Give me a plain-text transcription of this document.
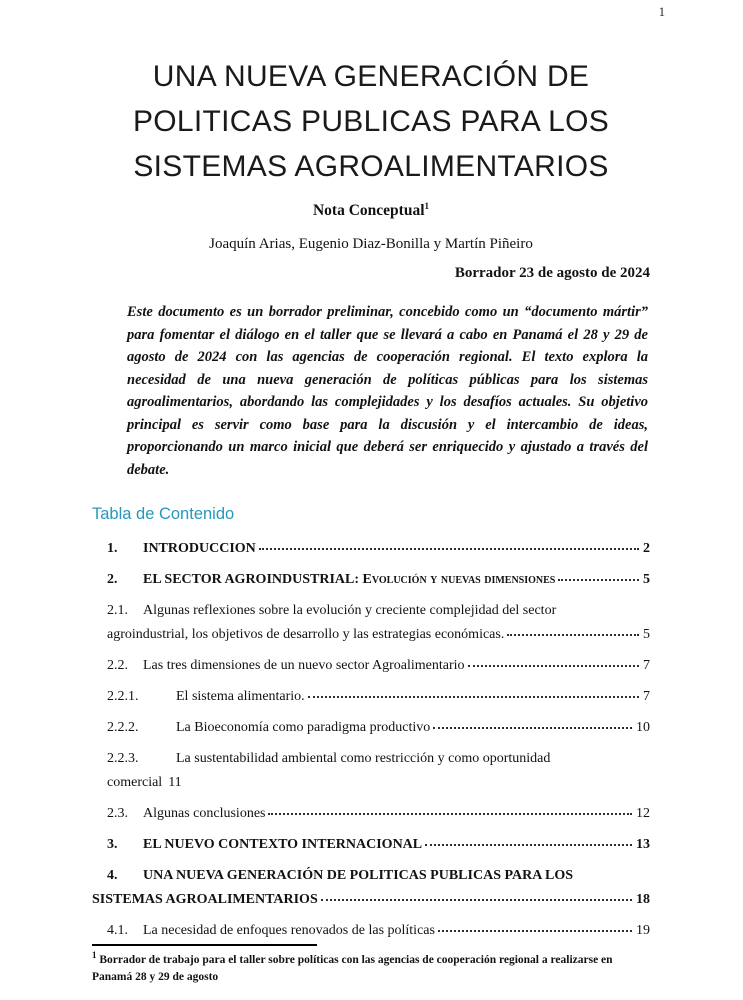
1
UNA NUEVA GENERACIÓN DE
POLITICAS PUBLICAS PARA LOS
SISTEMAS AGROALIMENTARIOS
Nota Conceptual$^1$
Joaquín Arias, Eugenio Diaz-Bonilla y Martín Piñeiro
Borrador 23 de agosto de 2024

Este documento es un borrador preliminar, concebido como un “documento mártir” para fomentar el diálogo en el taller que se llevará a cabo en Panamá el 28 y 29 de agosto de 2024 con las agencias de cooperación regional. El texto explora la necesidad de una nueva generación de políticas públicas para los sistemas agroalimentarios, abordando las complejidades y los desafíos actuales. Su objetivo principal es servir como base para la discusión y el intercambio de ideas, proporcionando un marco inicial que deberá ser enriquecido y ajustado a través del debate.

Tabla de Contenido
1.	INTRODUCCION	2
2.	EL SECTOR AGROINDUSTRIAL: Evolución y nuevas dimensiones	5
2.1.	Algunas reflexiones sobre la evolución y creciente complejidad del sector
agroindustrial, los objetivos de desarrollo y las estrategias económicas.	5
2.2.	Las tres dimensiones de un nuevo sector Agroalimentario	7
2.2.1.	El sistema alimentario.	7
2.2.2.	La Bioeconomía como paradigma productivo	10
2.2.3.	La sustentabilidad ambiental como restricción y como oportunidad
comercial 11
2.3.	Algunas conclusiones	12
3.	EL NUEVO CONTEXTO INTERNACIONAL	13
4.	UNA NUEVA GENERACIÓN DE POLITICAS PUBLICAS PARA LOS
SISTEMAS AGROALIMENTARIOS	18
4.1.	La necesidad de enfoques renovados de las políticas	19
$^1$ Borrador de trabajo para el taller sobre políticas con las agencias de cooperación regional a realizarse en Panamá 28 y 29 de agosto
